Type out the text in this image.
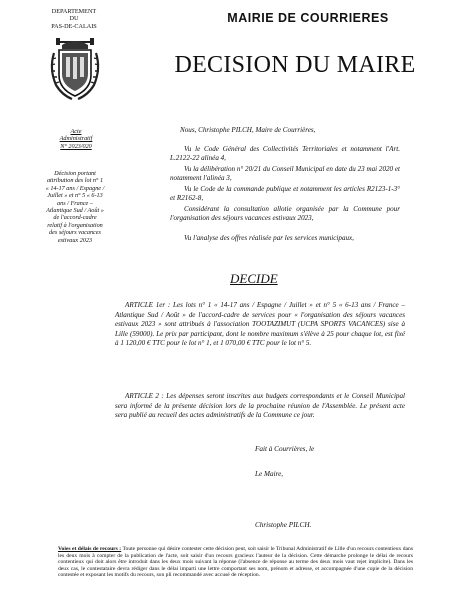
DEPARTEMENT
DU
PAS-DE-CALAIS
MAIRIE DE COURRIERES
DECISION DU MAIRE
Acte
Administratif
N° 2023/020
Décision portant
attribution des lot n° 1
« 14-17 ans / Espagne /
Juillet » et n° 5 « 6-13
ans / France –
Atlantique Sud / Août »
de l'accord-cadre
relatif à l'organisation
des séjours vacances
estivaux 2023
Nous, Christophe PILCH, Maire de Courrières,
Vu le Code Général des Collectivités Territoriales et notamment l'Art. L.2122-22 alinéa 4,
Vu la délibération n° 20/21 du Conseil Municipal en date du 23 mai 2020 et notamment l'alinéa 3,
Vu le Code de la commande publique et notamment les articles R2123-1-3° et R2162-8,
Considérant la consultation allotie organisée par la Commune pour l'organisation des séjours vacances estivaux 2023,
Vu l'analyse des offres réalisée par les services municipaux,
DECIDE
ARTICLE 1er : Les lots n° 1 « 14-17 ans / Espagne / Juillet » et n° 5 « 6-13 ans / France –Atlantique Sud / Août » de l'accord-cadre de services pour « l'organisation des séjours vacances estivaux 2023 » sont attribués à l'association TOOTAZIMUT (UCPA SPORTS VACANCES) sise à Lille (59000). Le prix par participant, dont le nombre maximum s'élève à 25 pour chaque lot, est fixé à 1 120,00 € TTC pour le lot n° 1, et 1 070,00 € TTC pour le lot n° 5.
ARTICLE 2 : Les dépenses seront inscrites aux budgets correspondants et le Conseil Municipal sera informé de la présente décision lors de la prochaine réunion de l'Assemblée. Le présent acte sera publié au recueil des actes administratifs de la Commune ce jour.
Fait à Courrières, le
Le Maire,
Christophe PILCH.
Voies et délais de recours : Toute personne qui désire contester cette décision peut, soit saisir le Tribunal Administratif de Lille d'un recours contentieux dans les deux mois à compter de la publication de l'acte, soit saisir d'un recours gracieux l'auteur de la décision. Cette démarche prolonge le délai de recours contentieux qui doit alors être introduit dans les deux mois suivant la réponse (l'absence de réponse au terme des deux mois vaut rejet implicite). Dans les deux cas, le contestataire devra rédiger dans le délai imparti une lettre comportant ses nom, prénom et adresse, et accompagnée d'une copie de la décision contestée et exposant les motifs du recours, son pli recommandé avec accusé de réception.
